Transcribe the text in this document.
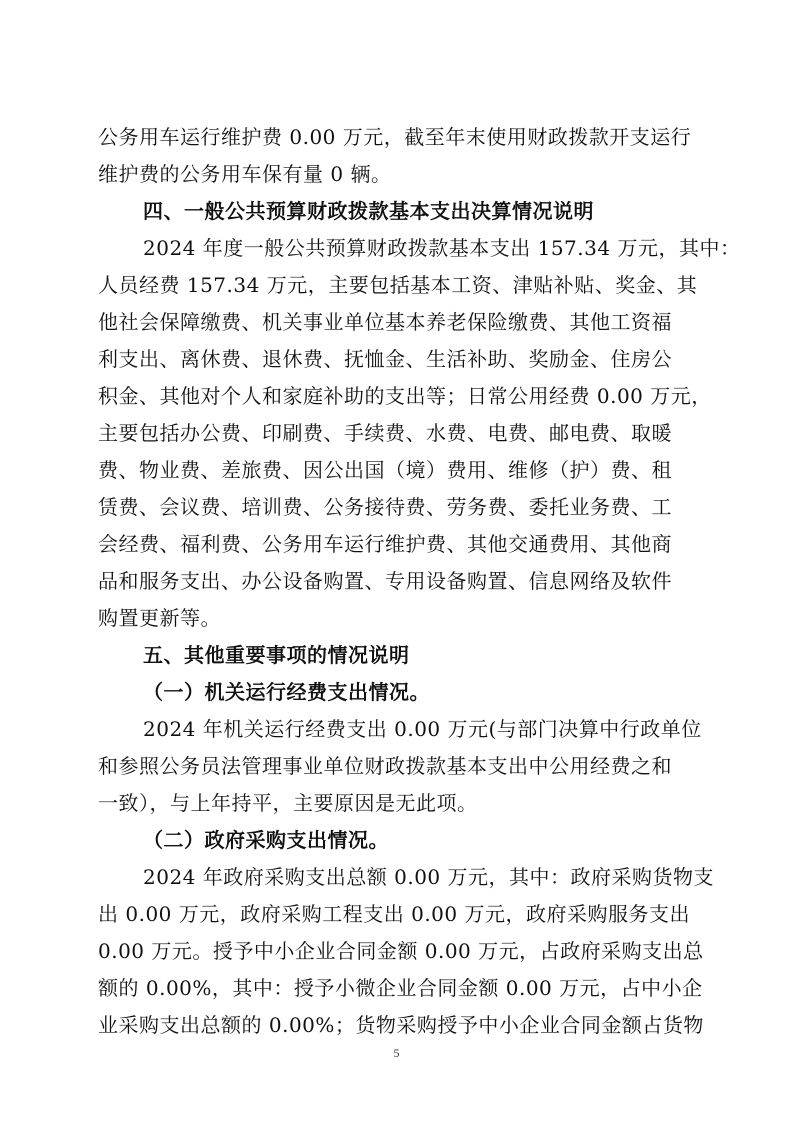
公务用车运行维护费 0.00 万元，截至年末使用财政拨款开支运行
维护费的公务用车保有量 0 辆。
四、一般公共预算财政拨款基本支出决算情况说明
2024 年度一般公共预算财政拨款基本支出 157.34 万元，其中：
人员经费 157.34 万元，主要包括基本工资、津贴补贴、奖金、其
他社会保障缴费、机关事业单位基本养老保险缴费、其他工资福
利支出、离休费、退休费、抚恤金、生活补助、奖励金、住房公
积金、其他对个人和家庭补助的支出等；日常公用经费 0.00 万元，
主要包括办公费、印刷费、手续费、水费、电费、邮电费、取暖
费、物业费、差旅费、因公出国（境）费用、维修（护）费、租
赁费、会议费、培训费、公务接待费、劳务费、委托业务费、工
会经费、福利费、公务用车运行维护费、其他交通费用、其他商
品和服务支出、办公设备购置、专用设备购置、信息网络及软件
购置更新等。
五、其他重要事项的情况说明
（一）机关运行经费支出情况。
2024 年机关运行经费支出 0.00 万元(与部门决算中行政单位
和参照公务员法管理事业单位财政拨款基本支出中公用经费之和
一致），与上年持平，主要原因是无此项。
（二）政府采购支出情况。
2024 年政府采购支出总额 0.00 万元，其中：政府采购货物支
出 0.00 万元，政府采购工程支出 0.00 万元，政府采购服务支出
0.00 万元。授予中小企业合同金额 0.00 万元，占政府采购支出总
额的 0.00%，其中：授予小微企业合同金额 0.00 万元，占中小企
业采购支出总额的 0.00%；货物采购授予中小企业合同金额占货物
5
